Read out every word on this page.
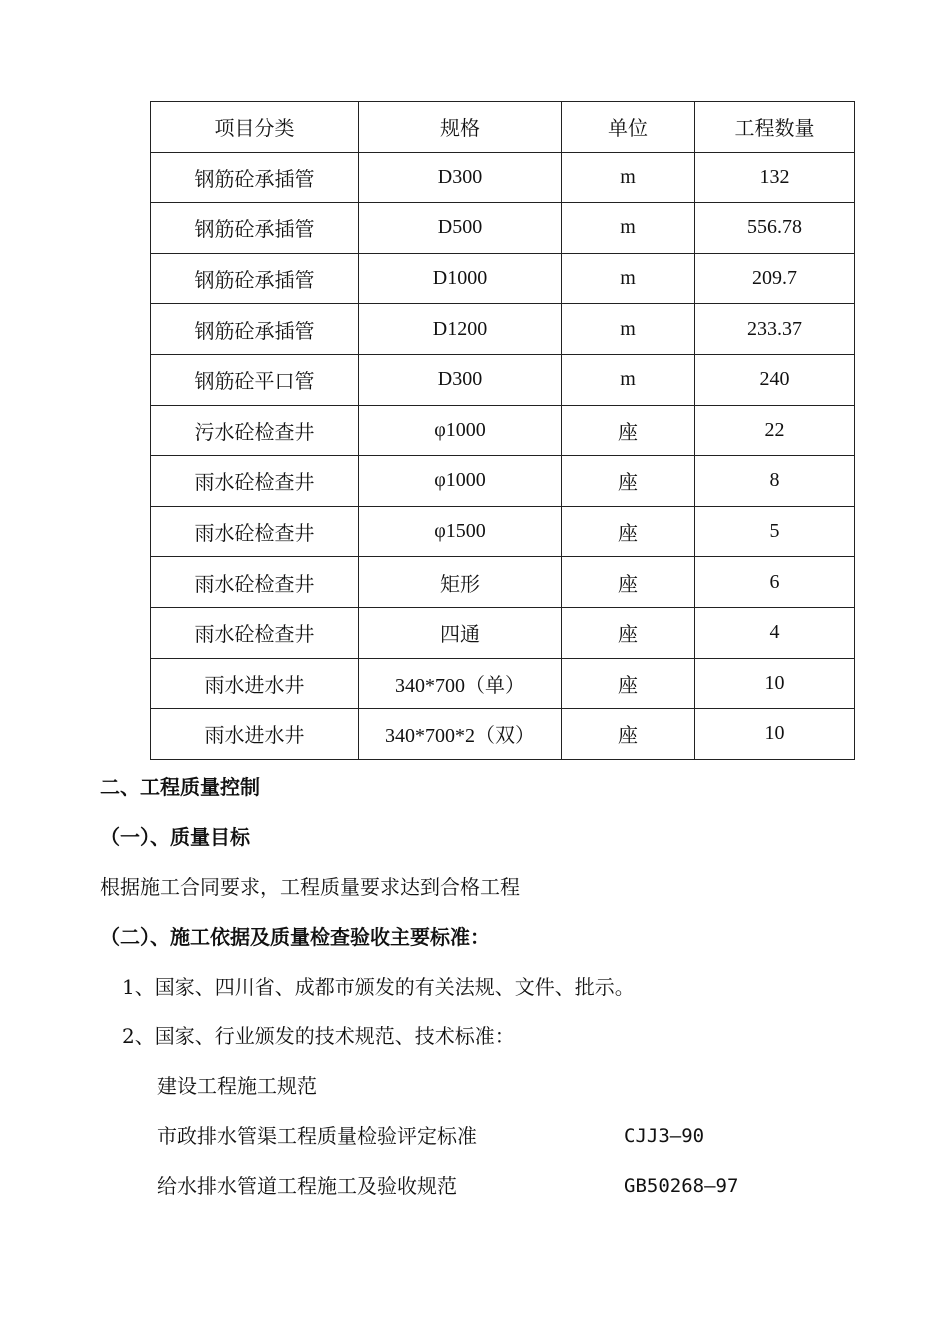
项目分类	规格	单位	工程数量
钢筋砼承插管	D300	m	132
钢筋砼承插管	D500	m	556.78
钢筋砼承插管	D1000	m	209.7
钢筋砼承插管	D1200	m	233.37
钢筋砼平口管	D300	m	240
污水砼检查井	φ1000	座	22
雨水砼检查井	φ1000	座	8
雨水砼检查井	φ1500	座	5
雨水砼检查井	矩形	座	6
雨水砼检查井	四通	座	4
雨水进水井	340*700（单）	座	10
雨水进水井	340*700*2（双）	座	10
二、工程质量控制
（一）、质量目标
根据施工合同要求，工程质量要求达到合格工程
（二）、施工依据及质量检查验收主要标准：
1、国家、四川省、成都市颁发的有关法规、文件、批示。
2、国家、行业颁发的技术规范、技术标准：
建设工程施工规范
市政排水管渠工程质量检验评定标准	CJJ3—90
给水排水管道工程施工及验收规范	GB50268—97
